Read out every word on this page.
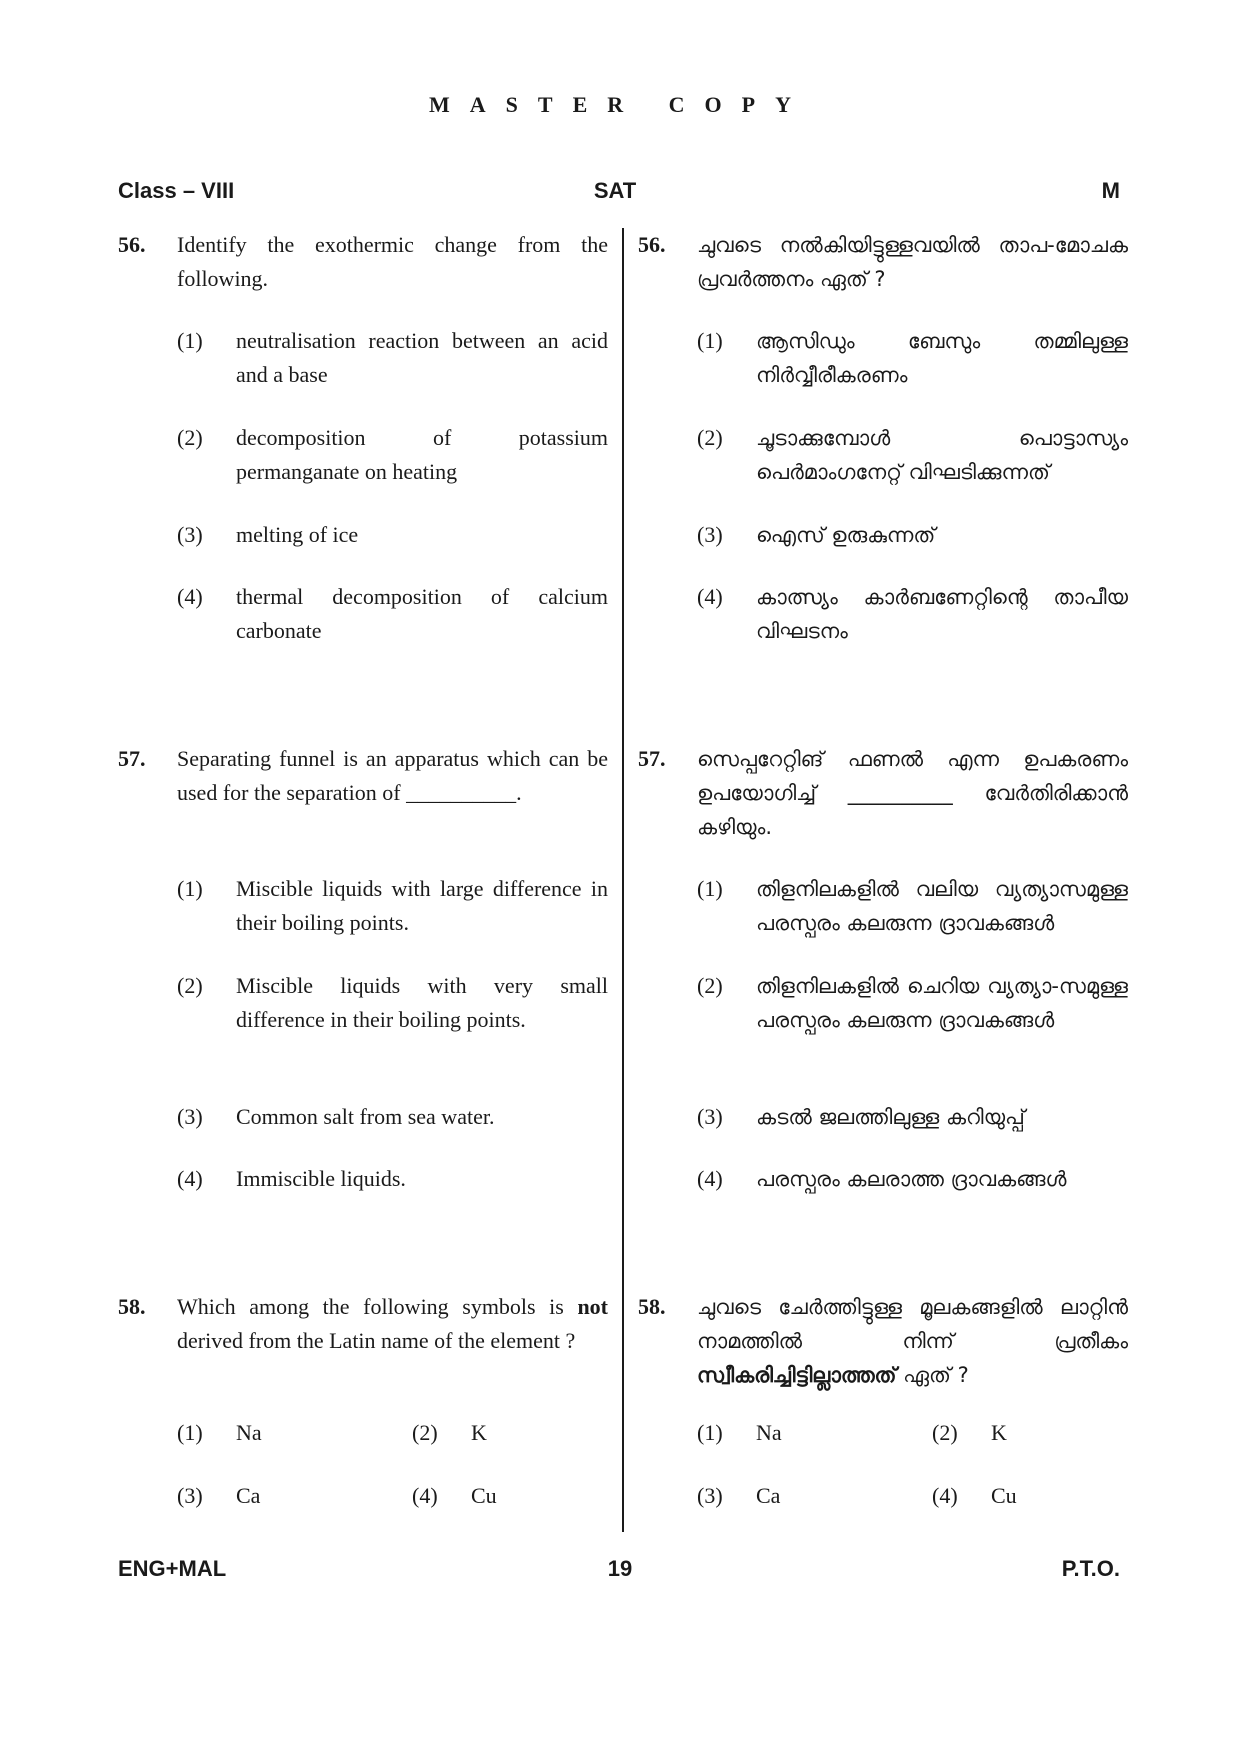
MASTER COPY
Class – VIII	SAT	M
56. Identify the exothermic change from the following.
(1) neutralisation reaction between an acid and a base
(2) decomposition of potassium permanganate on heating
(3) melting of ice
(4) thermal decomposition of calcium carbonate
57. Separating funnel is an apparatus which can be used for the separation of __________.
(1) Miscible liquids with large difference in their boiling points.
(2) Miscible liquids with very small difference in their boiling points.
(3) Common salt from sea water.
(4) Immiscible liquids.
58. Which among the following symbols is not derived from the Latin name of the element ?
(1) Na	(2) K
(3) Ca	(4) Cu
56. ചുവടെ നൽകിയിട്ടുള്ളവയിൽ താപ-മോചക പ്രവർത്തനം ഏത് ?
(1) ആസിഡും ബേസും തമ്മിലുള്ള നിർവ്വീരീകരണം
(2) ചൂടാക്കുമ്പോൾ പൊട്ടാസ്യം പെർമാംഗനേറ്റ് വിഘടിക്കുന്നത്
(3) ഐസ് ഉരുകുന്നത്
(4) കാത്സ്യം കാർബണേറ്റിന്റെ താപീയ വിഘടനം
57. സെപ്പറേറ്റിങ് ഫണൽ എന്ന ഉപകരണം ഉപയോഗിച്ച് __________ വേർതിരിക്കാൻ കഴിയും.
(1) തിളനിലകളിൽ വലിയ വ്യത്യാസമുള്ള പരസ്പരം കലരുന്ന ദ്രാവകങ്ങൾ
(2) തിളനിലകളിൽ ചെറിയ വ്യത്യാ-സമുള്ള പരസ്പരം കലരുന്ന ദ്രാവകങ്ങൾ
(3) കടൽ ജലത്തിലുള്ള കറിയുപ്പ്
(4) പരസ്പരം കലരാത്ത ദ്രാവകങ്ങൾ
58. ചുവടെ ചേർത്തിട്ടുള്ള മൂലകങ്ങളിൽ ലാറ്റിൻ നാമത്തിൽ നിന്ന് പ്രതീകം സ്വീകരിച്ചിട്ടില്ലാത്തത് ഏത് ?
(1) Na	(2) K
(3) Ca	(4) Cu
ENG+MAL	19	P.T.O.
